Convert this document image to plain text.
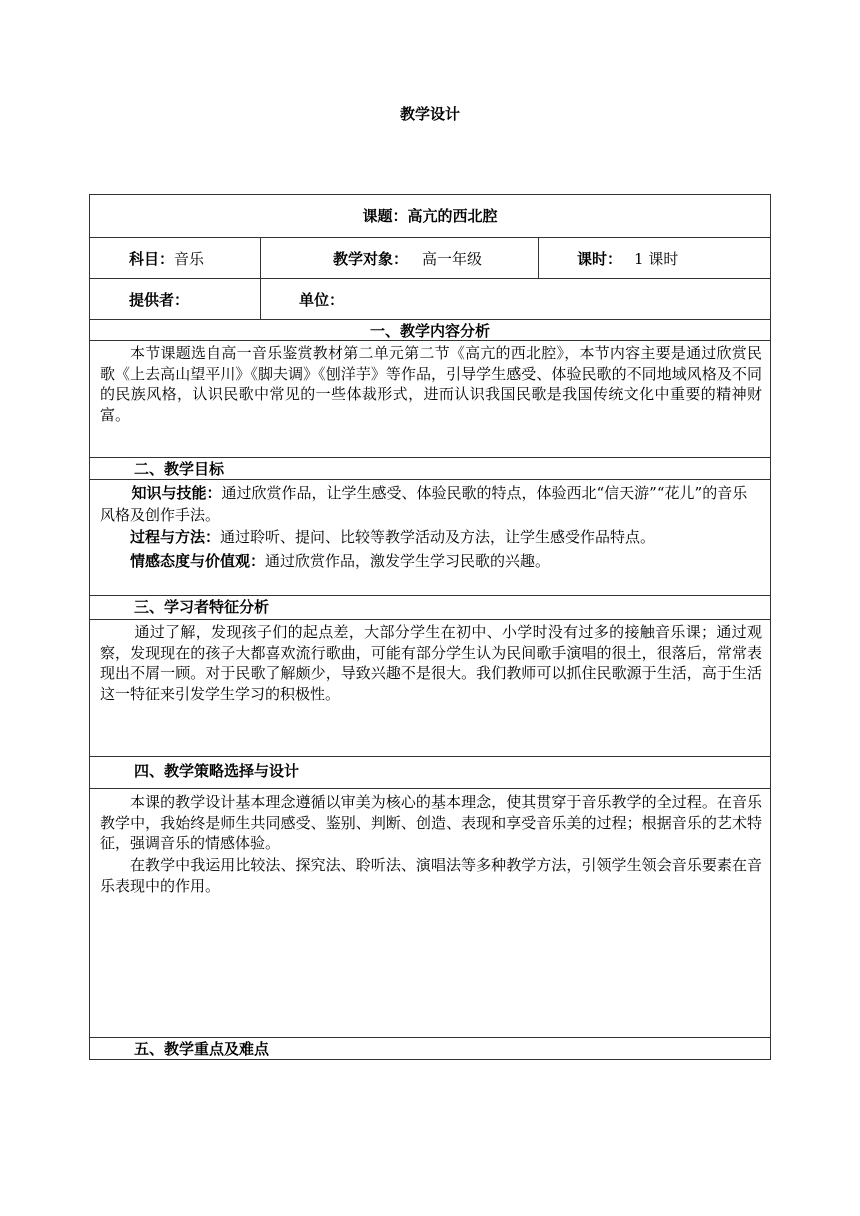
教学设计
课题：高亢的西北腔
科目：音乐	教学对象： 高一年级	课时： 1 课时
提供者：	单位：
一、教学内容分析

本节课题选自高一音乐鉴赏教材第二单元第二节《高亢的西北腔》，本节内容主要是通过欣赏民歌《上去高山望平川》《脚夫调》《刨洋芋》等作品，引导学生感受、体验民歌的不同地域风格及不同的民族风格，认识民歌中常见的一些体裁形式，进而认识我国民歌是我国传统文化中重要的精神财富。

二、教学目标

知识与技能：通过欣赏作品，让学生感受、体验民歌的特点，体验西北“信天游”“花儿”的音乐风格及创作手法。

过程与方法：通过聆听、提问、比较等教学活动及方法，让学生感受作品特点。

情感态度与价值观：通过欣赏作品，激发学生学习民歌的兴趣。

三、学习者特征分析

通过了解，发现孩子们的起点差，大部分学生在初中、小学时没有过多的接触音乐课；通过观察，发现现在的孩子大都喜欢流行歌曲，可能有部分学生认为民间歌手演唱的很土，很落后，常常表现出不屑一顾。对于民歌了解颇少，导致兴趣不是很大。我们教师可以抓住民歌源于生活，高于生活这一特征来引发学生学习的积极性。

四、教学策略选择与设计

本课的教学设计基本理念遵循以审美为核心的基本理念，使其贯穿于音乐教学的全过程。在音乐教学中，我始终是师生共同感受、鉴别、判断、创造、表现和享受音乐美的过程；根据音乐的艺术特征，强调音乐的情感体验。

在教学中我运用比较法、探究法、聆听法、演唱法等多种教学方法，引领学生领会音乐要素在音乐表现中的作用。

五、教学重点及难点
